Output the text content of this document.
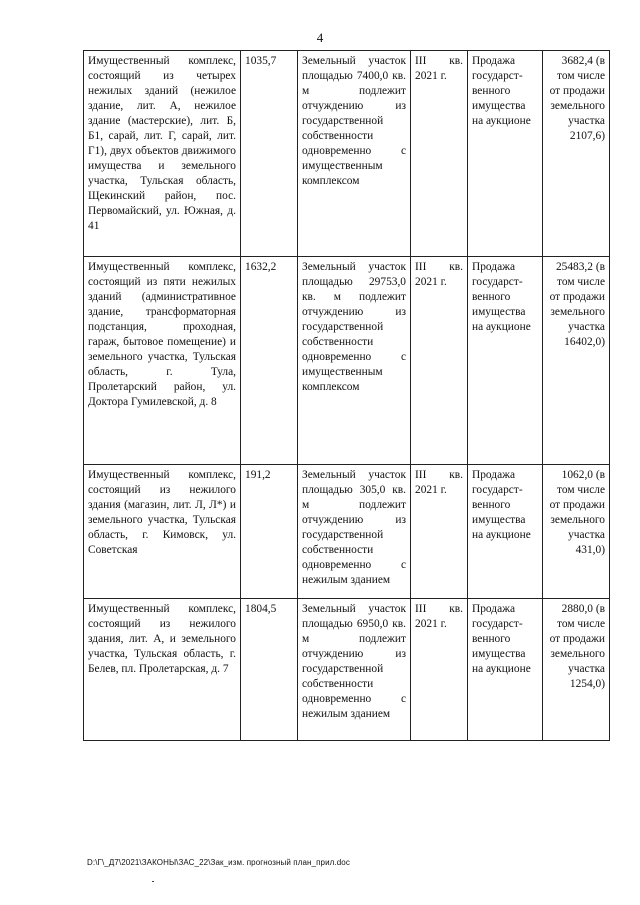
4
Имущественный комплекс, состоящий из четырех нежилых зданий (нежилое здание, лит. А, нежилое здание (мастерские), лит. Б, Б1, сарай, лит. Г, сарай, лит. Г1), двух объектов движимого имущества и земельного участка, Тульская область, Щекинский район, пос. Первомайский, ул. Южная, д. 41	1035,7	Земельный участок площадью 7400,0 кв. м подлежит отчуждению из государственной собственности одновременно с имущественным комплексом	III кв. 2021 г.	Продажа государст-венного имущества на аукционе	3682,4 (в том числе от продажи земельного участка 2107,6)
Имущественный комплекс, состоящий из пяти нежилых зданий (административное здание, трансформаторная подстанция, проходная, гараж, бытовое помещение) и земельного участка, Тульская область, г. Тула, Пролетарский район, ул. Доктора Гумилевской, д. 8	1632,2	Земельный участок площадью 29753,0 кв. м подлежит отчуждению из государственной собственности одновременно с имущественным комплексом	III кв. 2021 г.	Продажа государст-венного имущества на аукционе	25483,2 (в том числе от продажи земельного участка 16402,0)
Имущественный комплекс, состоящий из нежилого здания (магазин, лит. Л, Л*) и земельного участка, Тульская область, г. Кимовск, ул. Советская	191,2	Земельный участок площадью 305,0 кв. м подлежит отчуждению из государственной собственности одновременно с нежилым зданием	III кв. 2021 г.	Продажа государст-венного имущества на аукционе	1062,0 (в том числе от продажи земельного участка 431,0)
Имущественный комплекс, состоящий из нежилого здания, лит. А, и земельного участка, Тульская область, г. Белев, пл. Пролетарская, д. 7	1804,5	Земельный участок площадью 6950,0 кв. м подлежит отчуждению из государственной собственности одновременно с нежилым зданием	III кв. 2021 г.	Продажа государст-венного имущества на аукционе	2880,0 (в том числе от продажи земельного участка 1254,0)
D:\Г\_Д7\2021\ЗАКОНЫ\ЗАС_22\Зак_изм. прогнозный план_прил.doc
